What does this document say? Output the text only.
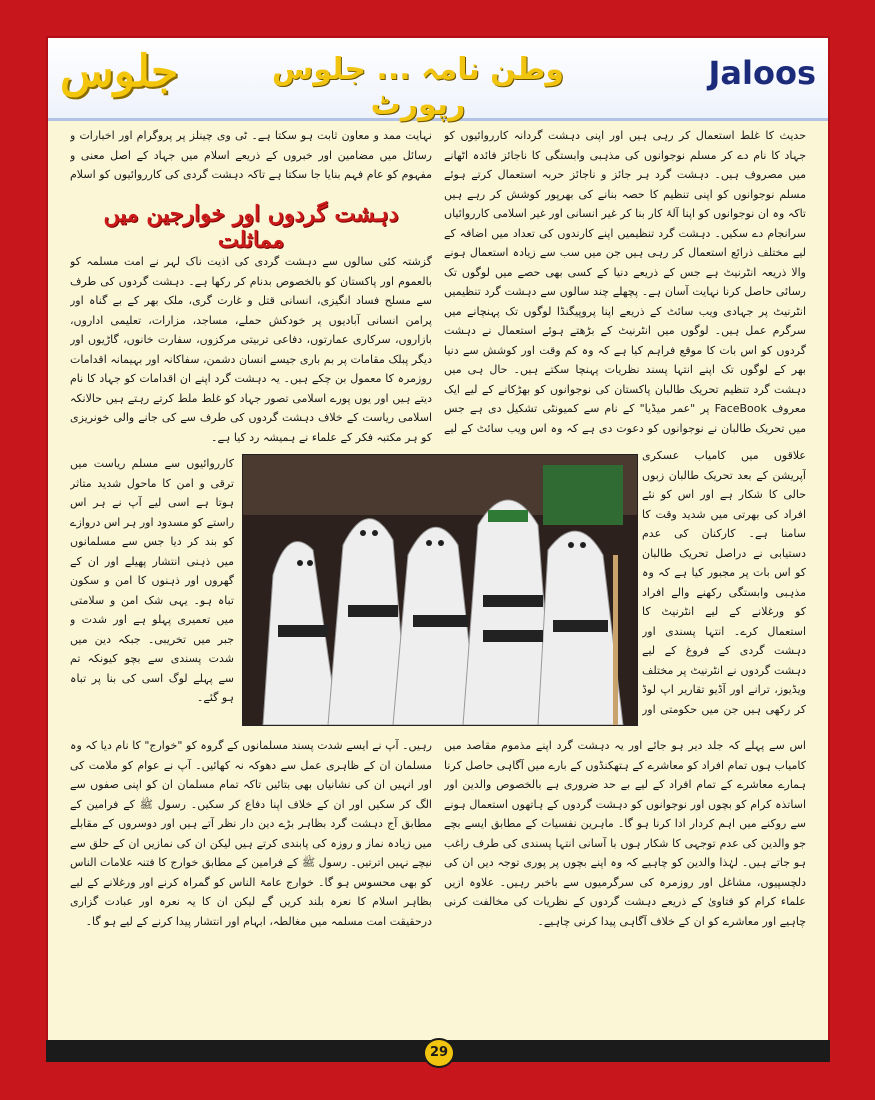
جلوس	وطن نامہ ... جلوس رپورٹ
Jaloos

حدیث کا غلط استعمال کر رہی ہیں اور اپنی دہشت گردانہ کارروائیوں کو جہاد کا نام دے کر مسلم نوجوانوں کی مذہبی وابستگی کا ناجائز فائدہ اٹھانے میں مصروف ہیں۔ دہشت گرد ہر جائز و ناجائز حربہ استعمال کرتے ہوئے مسلم نوجوانوں کو اپنی تنظیم کا حصہ بنانے کی بھرپور کوشش کر رہے ہیں تاکہ وہ ان نوجوانوں کو اپنا آلۂ کار بنا کر غیر انسانی اور غیر اسلامی کارروائیاں سرانجام دے سکیں۔ دہشت گرد تنظیمیں اپنے کارندوں کی تعداد میں اضافہ کے لیے مختلف ذرائع استعمال کر رہی ہیں جن میں سب سے زیادہ استعمال ہونے والا ذریعہ انٹرنیٹ ہے جس کے ذریعے دنیا کے کسی بھی حصے میں لوگوں تک رسائی حاصل کرنا نہایت آسان ہے۔ پچھلے چند سالوں سے دہشت گرد تنظیمیں انٹرنیٹ پر جہادی ویب سائٹ کے ذریعے اپنا پروپیگنڈا لوگوں تک پہنچانے میں سرگرم عمل ہیں۔ لوگوں میں انٹرنیٹ کے بڑھتے ہوئے استعمال نے دہشت گردوں کو اس بات کا موقع فراہم کیا ہے کہ وہ کم وقت اور کوشش سے دنیا بھر کے لوگوں تک اپنے انتہا پسند نظریات پہنچا سکتے ہیں۔ حال ہی میں دہشت گرد تنظیم تحریک طالبان پاکستان کی نوجوانوں کو بھڑکانے کے لیے ایک معروف FaceBook پر "عمر میڈیا" کے نام سے کمیونٹی تشکیل دی ہے جس میں تحریک طالبان نے نوجوانوں کو دعوت دی ہے کہ وہ اس ویب سائٹ کے لیے

نہایت ممد و معاون ثابت ہو سکتا ہے۔ ٹی وی چینلز پر پروگرام اور اخبارات و رسائل میں مضامین اور خبروں کے ذریعے اسلام میں جہاد کے اصل معنی و مفہوم کو عام فہم بنایا جا سکتا ہے تاکہ دہشت گردی کی کارروائیوں کو اسلام

دہشت گردوں اور خوارجین میں مماثلت

گزشتہ کئی سالوں سے دہشت گردی کی اذیت ناک لہر نے امت مسلمہ کو بالعموم اور پاکستان کو بالخصوص بدنام کر رکھا ہے۔ دہشت گردوں کی طرف سے مسلح فساد انگیزی، انسانی قتل و غارت گری، ملک بھر کے بے گناہ اور پرامن انسانی آبادیوں پر خودکش حملے، مساجد، مزارات، تعلیمی اداروں، بازاروں، سرکاری عمارتوں، دفاعی تربیتی مرکزوں، سفارت خانوں، گاڑیوں اور دیگر پبلک مقامات پر بم باری جیسے انسان دشمن، سفاکانہ اور بہیمانہ اقدامات روزمرہ کا معمول بن چکے ہیں۔ یہ دہشت گرد اپنے ان اقدامات کو جہاد کا نام دیتے ہیں اور یوں پورے اسلامی تصور جہاد کو غلط ملط کرتے رہتے ہیں حالانکہ اسلامی ریاست کے خلاف دہشت گردوں کی طرف سے کی جانے والی خونریزی کو ہر مکتبہ فکر کے علماء نے ہمیشہ رد کیا ہے۔

علاقوں میں کامیاب عسکری آپریشن کے بعد تحریک طالبان زبوں حالی کا شکار ہے اور اس کو نئے افراد کی بھرتی میں شدید وقت کا سامنا ہے۔ کارکنان کی عدم دستیابی نے دراصل تحریک طالبان کو اس بات پر مجبور کیا ہے کہ وہ مذہبی وابستگی رکھنے والے افراد کو ورغلانے کے لیے انٹرنیٹ کا استعمال کرے۔ انتہا پسندی اور دہشت گردی کے فروغ کے لیے دہشت گردوں نے انٹرنیٹ پر مختلف ویڈیوز، ترانے اور آڈیو تقاریر اپ لوڈ کر رکھی ہیں جن میں حکومتی اور

کارروائیوں سے مسلم ریاست میں ترقی و امن کا ماحول شدید متاثر ہوتا ہے اسی لیے آپ نے ہر اس راستے کو مسدود اور ہر اس دروازے کو بند کر دیا جس سے مسلمانوں میں ذہنی انتشار پھیلے اور ان کے گھروں اور ذہنوں کا امن و سکون تباہ ہو۔ یہی شک امن و سلامتی میں تعمیری پہلو ہے اور شدت و جبر میں تخریبی۔ جبکہ دین میں شدت پسندی سے بچو کیونکہ تم سے پہلے لوگ اسی کی بنا پر تباہ ہو گئے۔

رہیں۔ آپ نے ایسے شدت پسند مسلمانوں کے گروہ کو "خوارج" کا نام دیا کہ وہ مسلمان ان کے ظاہری عمل سے دھوکہ نہ کھائیں۔ آپ نے عوام کو ملامت کی اور انہیں ان کی نشانیاں بھی بتائیں تاکہ تمام مسلمان ان کو اپنی صفوں سے الگ کر سکیں اور ان کے خلاف اپنا دفاع کر سکیں۔ رسول ﷺ کے فرامین کے مطابق آج دہشت گرد بظاہر بڑے دین دار نظر آتے ہیں اور دوسروں کے مقابلے میں زیادہ نماز و روزہ کی پابندی کرتے ہیں لیکن ان کی نمازیں ان کے حلق سے نیچے نہیں اترتیں۔ رسول ﷺ کے فرامین کے مطابق خوارج کا فتنہ علامات الناس کو بھی محسوس ہو گا۔ خوارج عامۃ الناس کو گمراہ کرنے اور ورغلانے کے لیے بظاہر اسلام کا نعرہ بلند کریں گے لیکن ان کا یہ نعرہ اور عبادت گزاری درحقیقت امت مسلمہ میں مغالطہ، ابہام اور انتشار پیدا کرنے کے لیے ہو گا۔

اس سے پہلے کہ جلد دیر ہو جائے اور یہ دہشت گرد اپنے مذموم مقاصد میں کامیاب ہوں تمام افراد کو معاشرے کے ہتھکنڈوں کے بارے میں آگاہی حاصل کرنا ہمارے معاشرے کے تمام افراد کے لیے بے حد ضروری ہے بالخصوص والدین اور اساتذہ کرام کو بچوں اور نوجوانوں کو دہشت گردوں کے ہاتھوں استعمال ہونے سے روکنے میں اہم کردار ادا کرنا ہو گا۔ ماہرین نفسیات کے مطابق ایسے بچے جو والدین کی عدم توجہی کا شکار ہوں با آسانی انتہا پسندی کی طرف راغب ہو جاتے ہیں۔ لہٰذا والدین کو چاہیے کہ وہ اپنے بچوں پر پوری توجہ دیں ان کی دلچسپیوں، مشاغل اور روزمرہ کی سرگرمیوں سے باخبر رہیں۔ علاوہ ازیں علماء کرام کو فتاویٰ کے ذریعے دہشت گردوں کے نظریات کی مخالفت کرنی چاہیے اور معاشرے کو ان کے خلاف آگاہی پیدا کرنی چاہیے۔

29
